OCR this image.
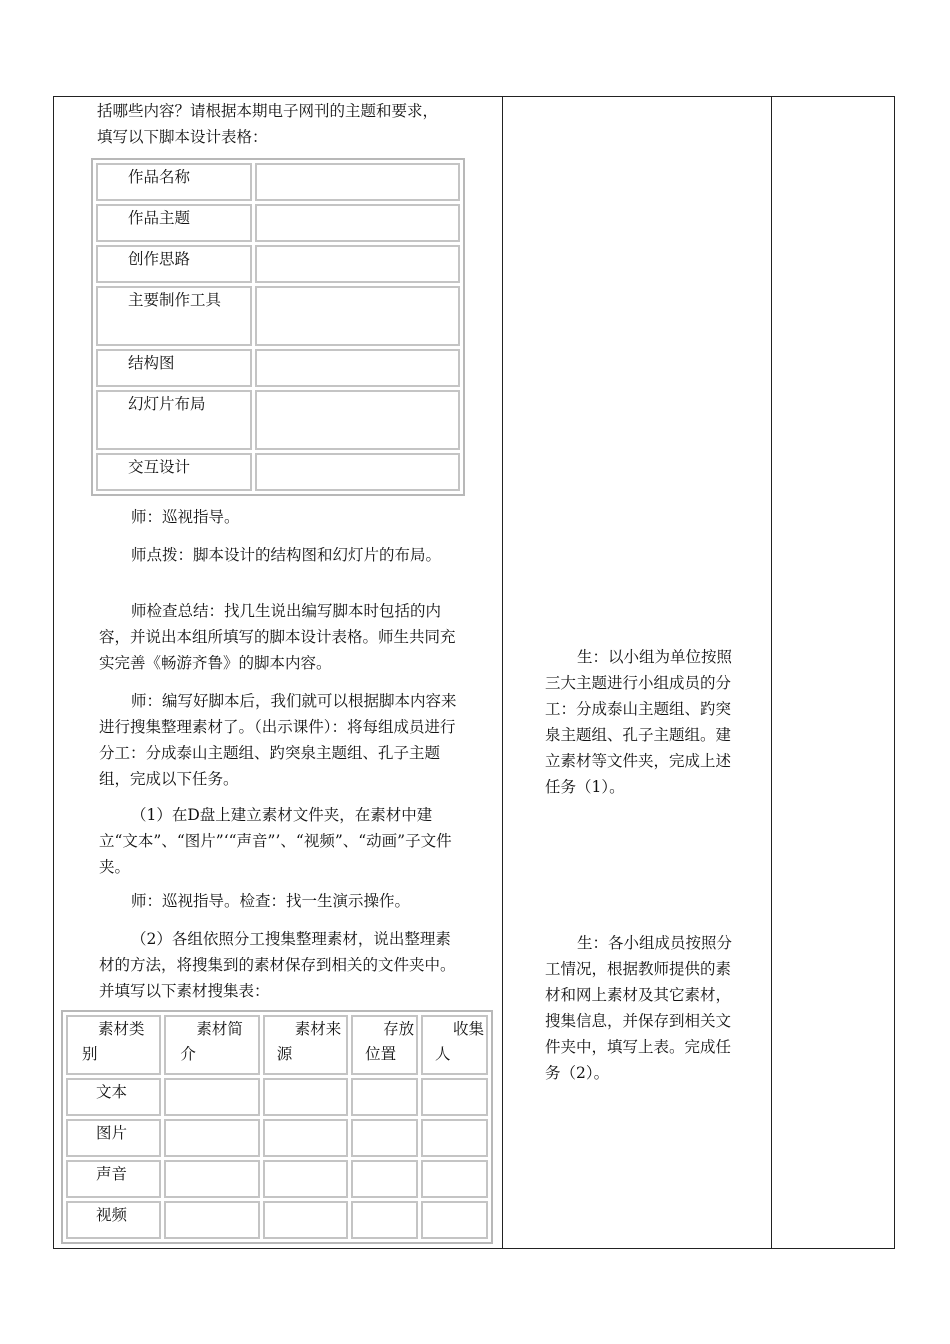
括哪些内容？请根据本期电子网刊的主题和要求，填写以下脚本设计表格：

作品名称	
作品主题	
创作思路	
主要制作工具	
结构图	
幻灯片布局	
交互设计	

师：巡视指导。

师点拨：脚本设计的结构图和幻灯片的布局。

师检查总结：找几生说出编写脚本时包括的内容，并说出本组所填写的脚本设计表格。师生共同充实完善《畅游齐鲁》的脚本内容。

师：编写好脚本后，我们就可以根据脚本内容来进行搜集整理素材了。（出示课件）：将每组成员进行分工：分成泰山主题组、趵突泉主题组、孔子主题组，完成以下任务。

（1）在D盘上建立素材文件夹，在素材中建立“文本”、“图片”‘“声音”’、“视频”、“动画”子文件夹。

师：巡视指导。检查：找一生演示操作。

（2）各组依照分工搜集整理素材，说出整理素材的方法，将搜集到的素材保存到相关的文件夹中。并填写以下素材搜集表：

素材类别	素材简介	素材来源	存放位置	收集人
文本				
图片				
声音				
视频				

生：以小组为单位按照三大主题进行小组成员的分工：分成泰山主题组、趵突泉主题组、孔子主题组。建立素材等文件夹，完成上述任务（1）。

生：各小组成员按照分工情况，根据教师提供的素材和网上素材及其它素材，搜集信息，并保存到相关文件夹中，填写上表。完成任务（2）。
